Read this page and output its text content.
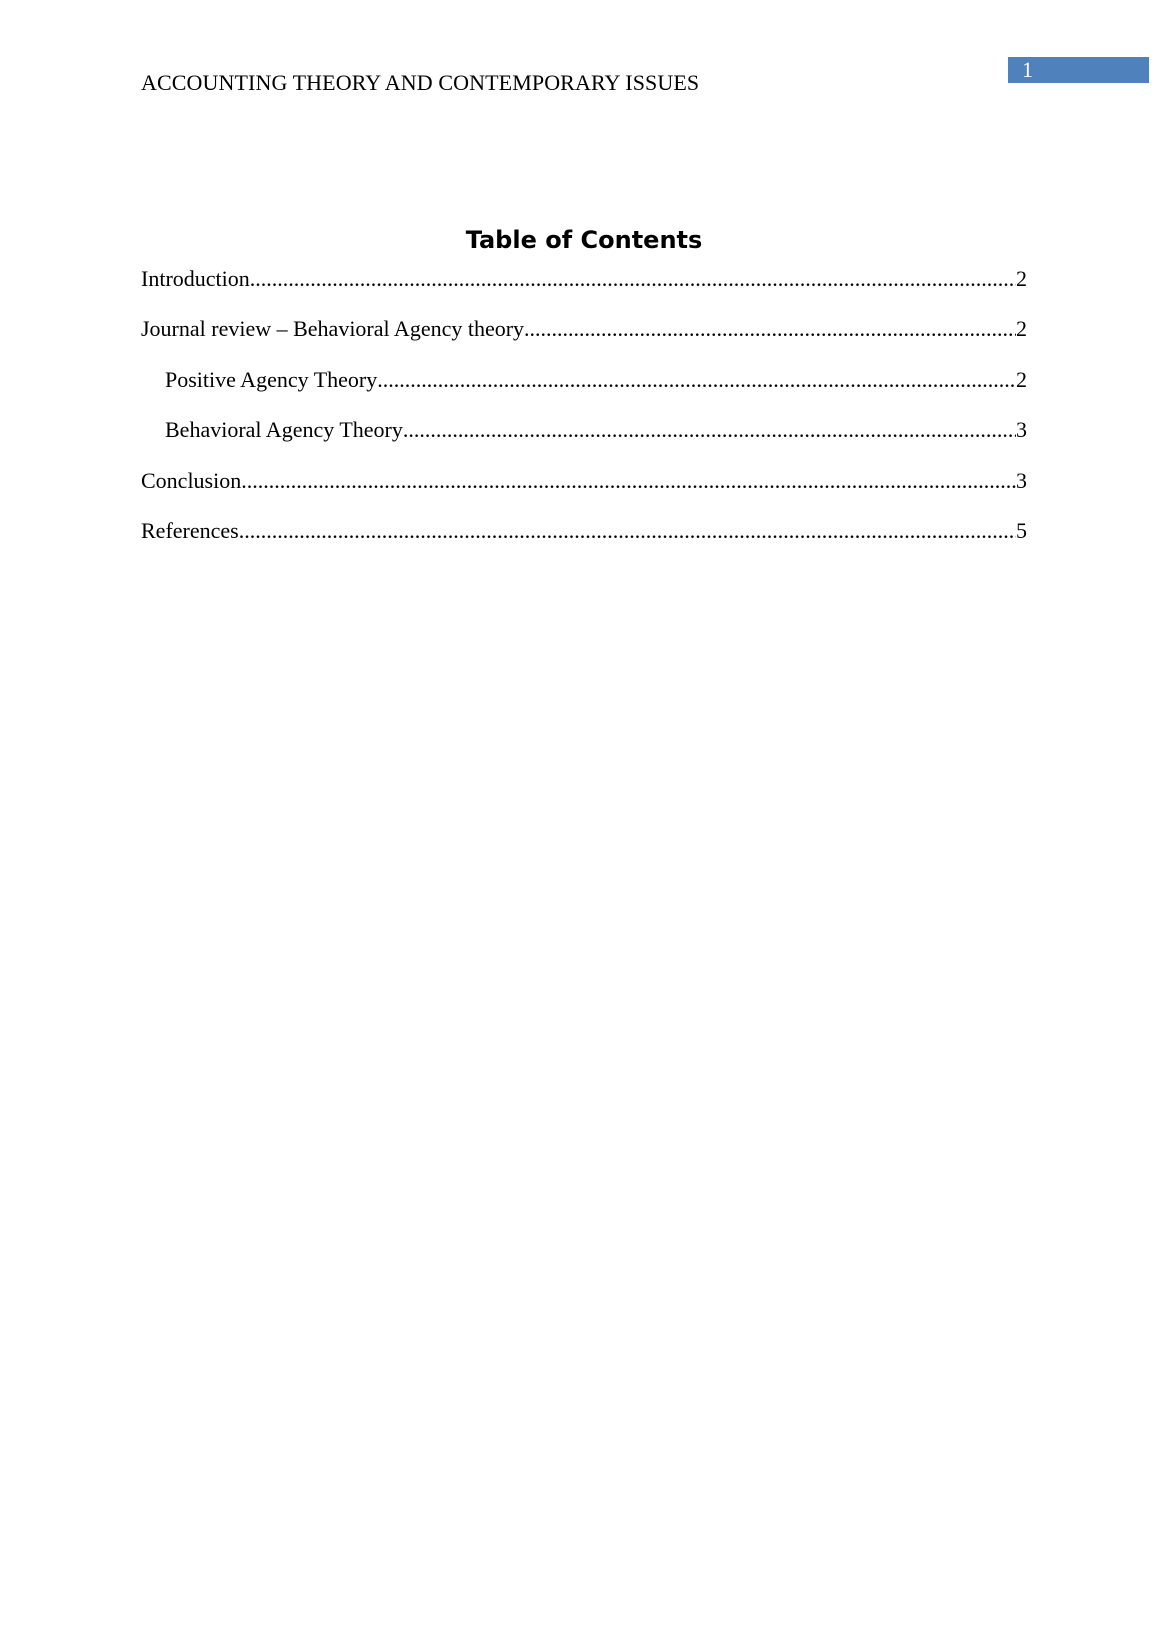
ACCOUNTING THEORY AND CONTEMPORARY ISSUES
1
Table of Contents
Introduction .....	2
Journal review – Behavioral Agency theory .....	2
Positive Agency Theory .....	2
Behavioral Agency Theory .....	3
Conclusion .....	3
References .....	5
